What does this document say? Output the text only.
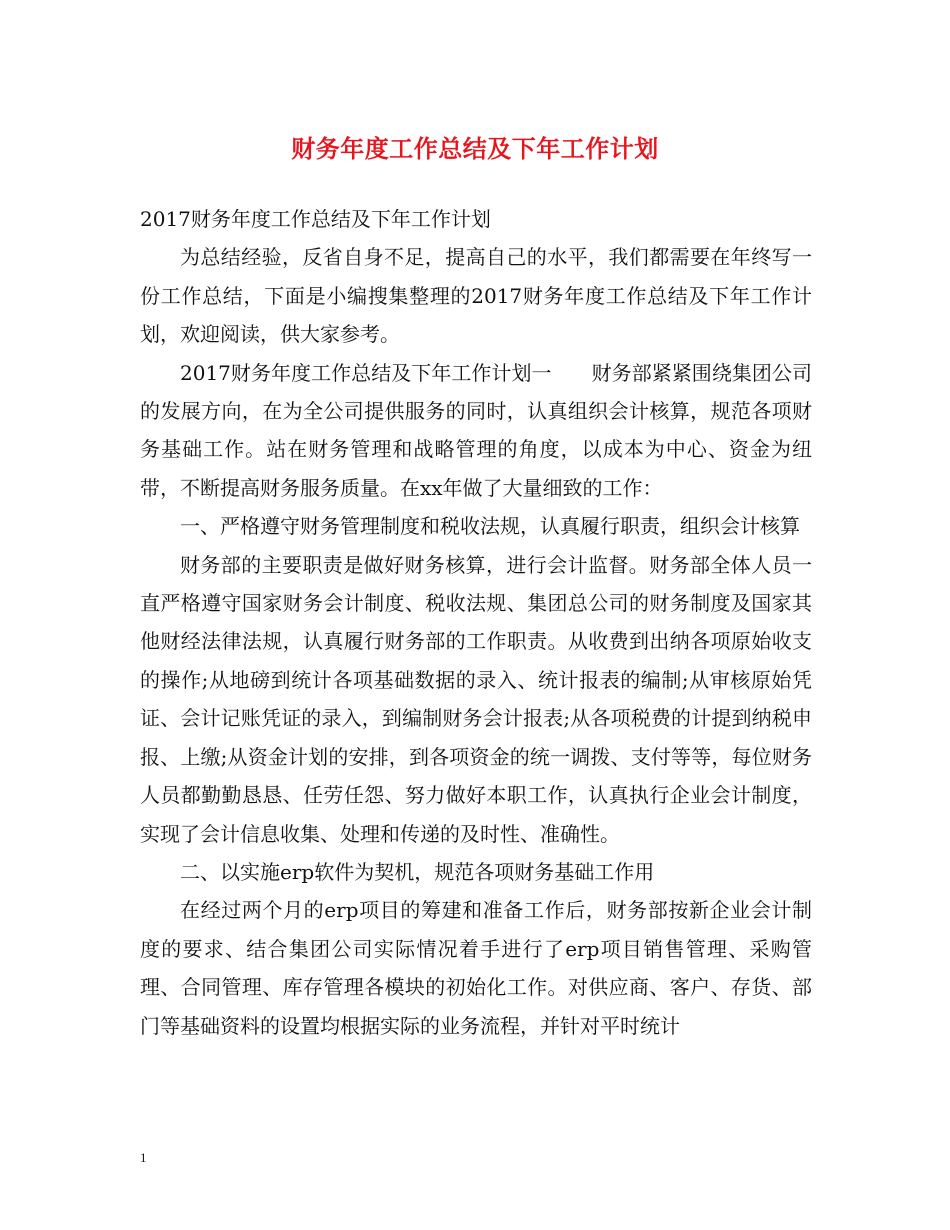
财务年度工作总结及下年工作计划

2017财务年度工作总结及下年工作计划

为总结经验，反省自身不足，提高自己的水平，我们都需要在年终写一份工作总结，下面是小编搜集整理的2017财务年度工作总结及下年工作计划，欢迎阅读，供大家参考。

2017财务年度工作总结及下年工作计划一　　财务部紧紧围绕集团公司的发展方向，在为全公司提供服务的同时，认真组织会计核算，规范各项财务基础工作。站在财务管理和战略管理的角度，以成本为中心、资金为纽带，不断提高财务服务质量。在xx年做了大量细致的工作：

一、严格遵守财务管理制度和税收法规，认真履行职责，组织会计核算

财务部的主要职责是做好财务核算，进行会计监督。财务部全体人员一直严格遵守国家财务会计制度、税收法规、集团总公司的财务制度及国家其他财经法律法规，认真履行财务部的工作职责。从收费到出纳各项原始收支的操作;从地磅到统计各项基础数据的录入、统计报表的编制;从审核原始凭证、会计记账凭证的录入，到编制财务会计报表;从各项税费的计提到纳税申报、上缴;从资金计划的安排，到各项资金的统一调拨、支付等等，每位财务人员都勤勤恳恳、任劳任怨、努力做好本职工作，认真执行企业会计制度，实现了会计信息收集、处理和传递的及时性、准确性。

二、以实施erp软件为契机，规范各项财务基础工作用

在经过两个月的erp项目的筹建和准备工作后，财务部按新企业会计制度的要求、结合集团公司实际情况着手进行了erp项目销售管理、采购管理、合同管理、库存管理各模块的初始化工作。对供应商、客户、存货、部门等基础资料的设置均根据实际的业务流程，并针对平时统计

1
